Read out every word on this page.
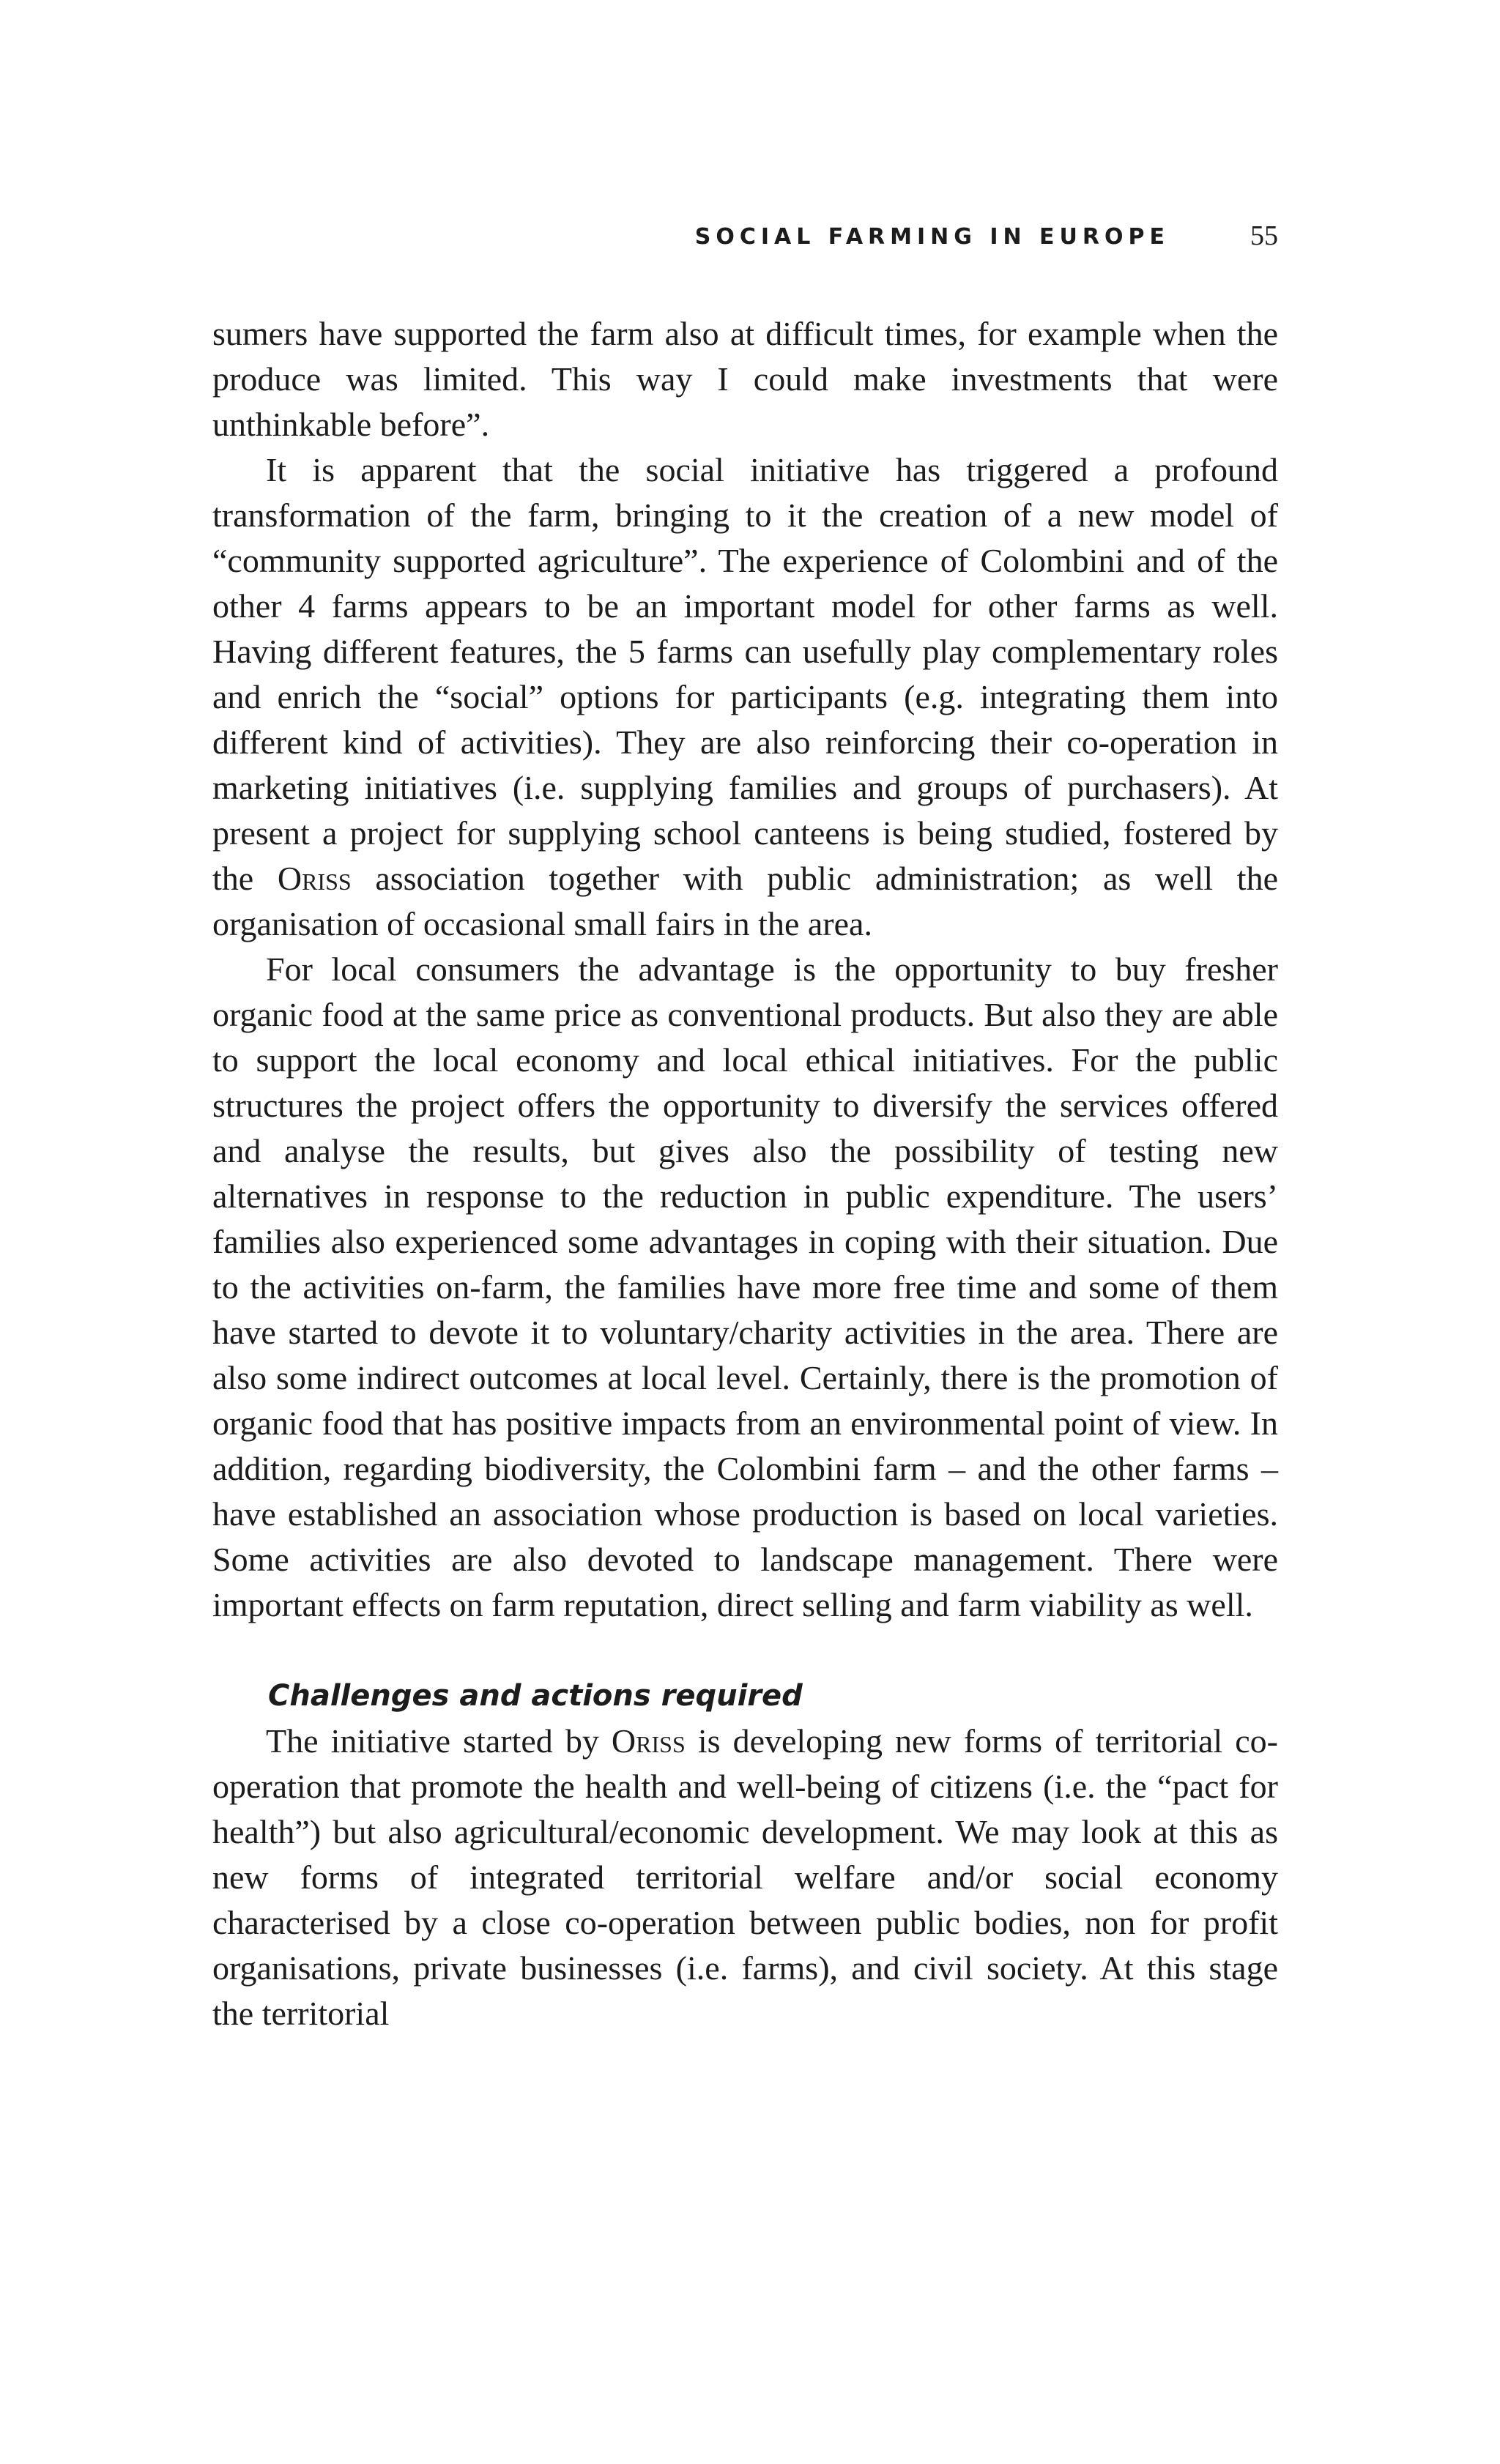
SOCIAL FARMING IN EUROPE	55

sumers have supported the farm also at difficult times, for example when the produce was limited. This way I could make investments that were unthinkable before”.

It is apparent that the social initiative has triggered a profound transformation of the farm, bringing to it the creation of a new model of “community supported agriculture”. The experience of Colombini and of the other 4 farms appears to be an important model for other farms as well. Having different features, the 5 farms can usefully play complementary roles and enrich the “social” options for participants (e.g. integrating them into different kind of activities). They are also reinforcing their co-operation in marketing initiatives (i.e. supplying families and groups of purchasers). At present a project for supplying school canteens is being studied, fostered by the Oriss association together with public administration; as well the organisation of occasional small fairs in the area.

For local consumers the advantage is the opportunity to buy fresher organic food at the same price as conventional products. But also they are able to support the local economy and local ethical initiatives. For the public structures the project offers the opportunity to diversify the services offered and analyse the results, but gives also the possibility of testing new alternatives in response to the reduction in public expenditure. The users’ families also experienced some advantages in coping with their situation. Due to the activities on-farm, the families have more free time and some of them have started to devote it to voluntary/charity activities in the area. There are also some indirect outcomes at local level. Certainly, there is the promotion of organic food that has positive impacts from an environmental point of view. In addition, regarding biodiversity, the Colombini farm – and the other farms – have established an association whose production is based on local varieties. Some activities are also devoted to landscape management. There were important effects on farm reputation, direct selling and farm viability as well.

Challenges and actions required

The initiative started by Oriss is developing new forms of territorial co-operation that promote the health and well-being of citizens (i.e. the “pact for health”) but also agricultural/economic development. We may look at this as new forms of integrated territorial welfare and/or social economy characterised by a close co-operation between public bodies, non for profit organisations, private businesses (i.e. farms), and civil society. At this stage the territorial
